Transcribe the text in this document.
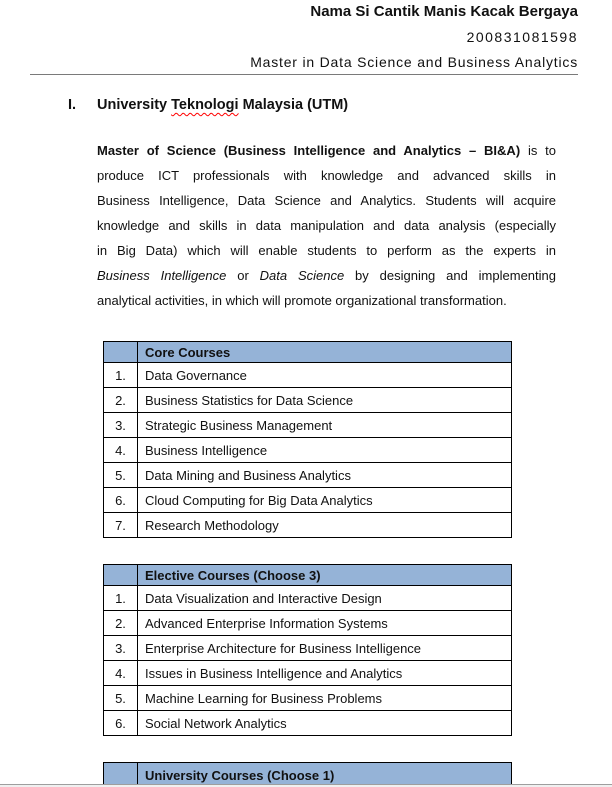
Nama Si Cantik Manis Kacak Bergaya
200831081598
Master in Data Science and Business Analytics
I. University Teknologi Malaysia (UTM)
Master of Science (Business Intelligence and Analytics – BI&A) is to
produce ICT professionals with knowledge and advanced skills in
Business Intelligence, Data Science and Analytics. Students will acquire
knowledge and skills in data manipulation and data analysis (especially
in Big Data) which will enable students to perform as the experts in
Business Intelligence or Data Science by designing and implementing
analytical activities, in which will promote organizational transformation.
	Core Courses
1.	Data Governance
2.	Business Statistics for Data Science
3.	Strategic Business Management
4.	Business Intelligence
5.	Data Mining and Business Analytics
6.	Cloud Computing for Big Data Analytics
7.	Research Methodology
	Elective Courses (Choose 3)
1.	Data Visualization and Interactive Design
2.	Advanced Enterprise Information Systems
3.	Enterprise Architecture for Business Intelligence
4.	Issues in Business Intelligence and Analytics
5.	Machine Learning for Business Problems
6.	Social Network Analytics
	University Courses (Choose 1)
